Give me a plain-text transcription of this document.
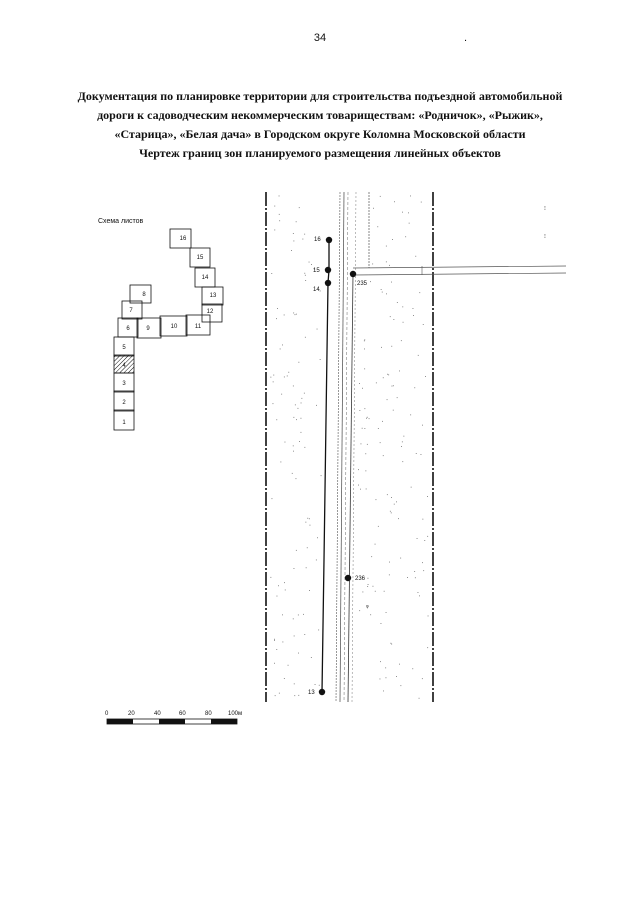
34	.
Документация по планировке территории для строительства подъездной автомобильной
дороги к садоводческим некоммерческим товариществам: «Родничок», «Рыжик»,
«Старица», «Белая дача» в Городском округе Коломна Московской области
Чертеж границ зон планируемого размещения линейных объектов
Схема листов
1
2
3
4
5
6
7
8
9	10	11
12
13
14
15
16
⁝
⁝
16
15
14
235
236
13
ᵩ
0	20	40	60	80	100м
